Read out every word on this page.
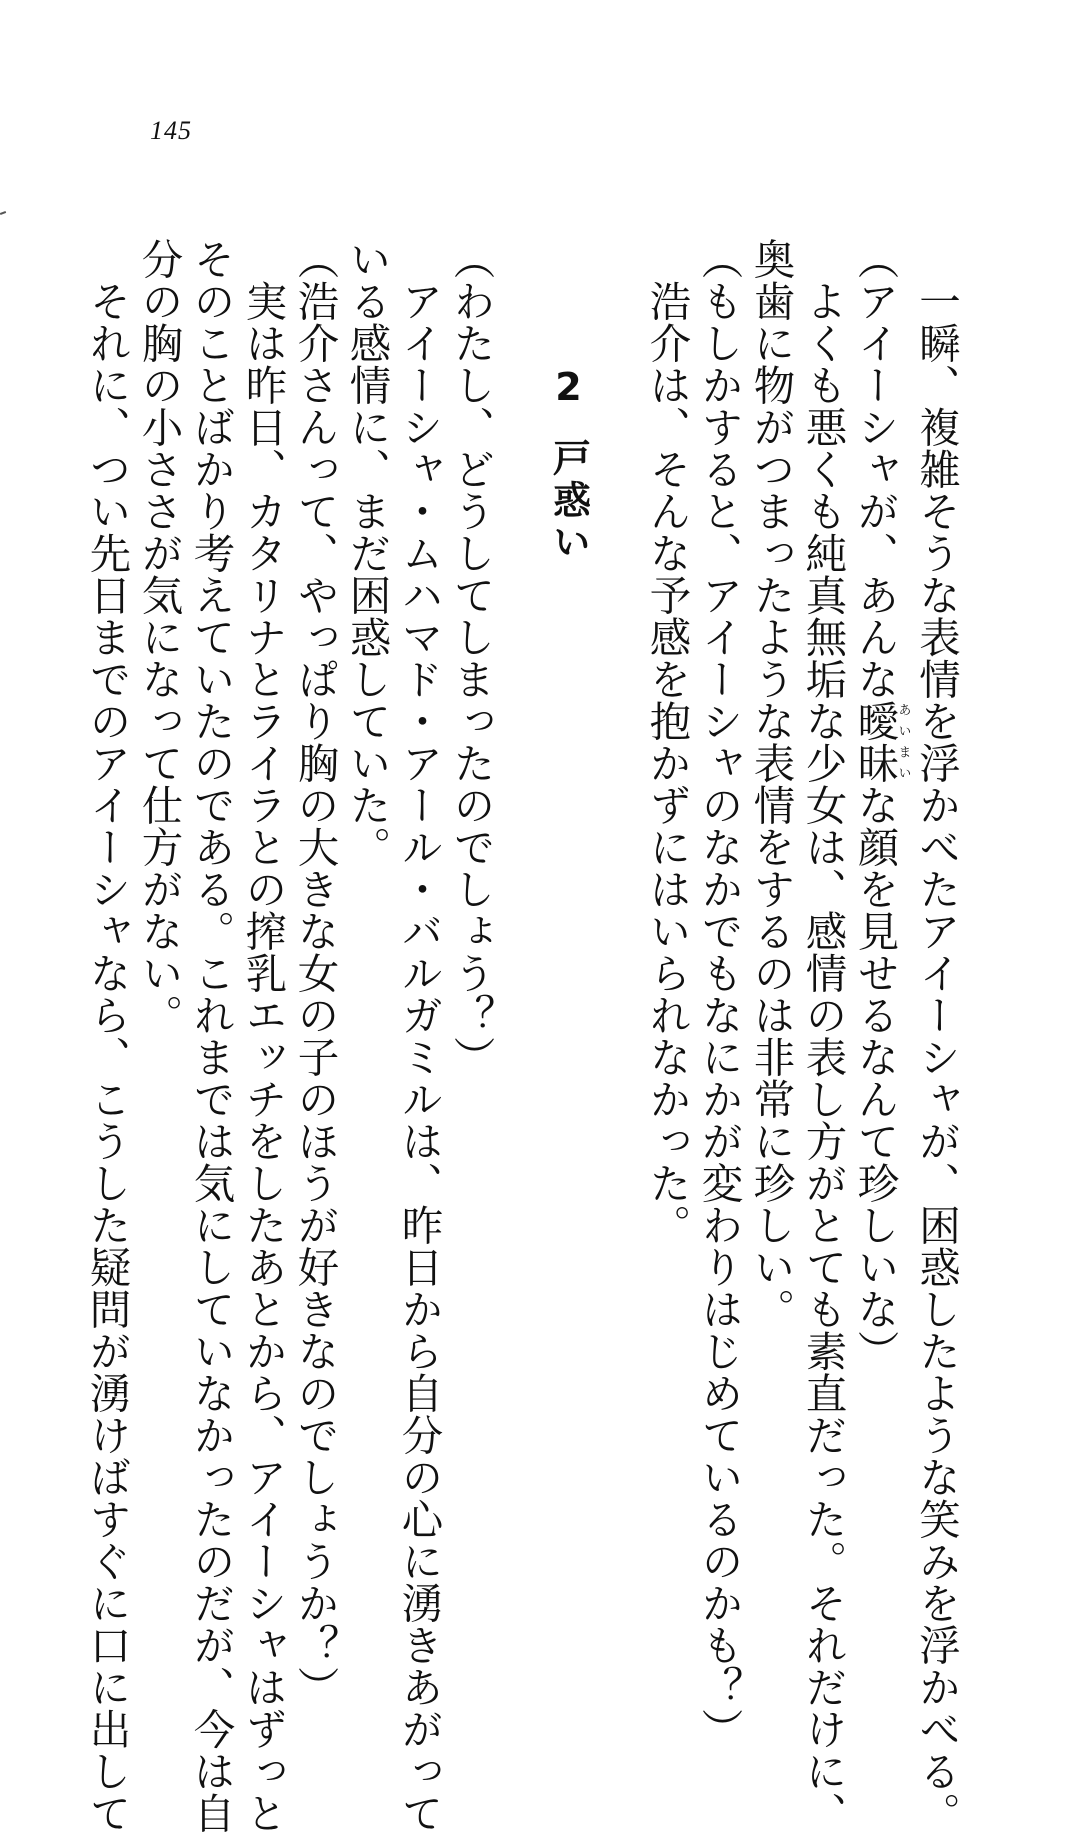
145
一瞬、複雑そうな表情を浮かべたアイーシャが、困惑したような笑みを浮かべる。
（アイーシャが、あんな曖昧あいまいな顔を見せるなんて珍しいな）
よくも悪くも純真無垢な少女は、感情の表し方がとても素直だった。それだけに、
奥歯に物がつまったような表情をするのは非常に珍しい。
（もしかすると、アイーシャのなかでもなにかが変わりはじめているのかも？）
浩介は、そんな予感を抱かずにはいられなかった。
2戸惑い
（わたし、どうしてしまったのでしょう？）
アイーシャ・ムハマド・アール・バルガミルは、昨日から自分の心に湧きあがって
いる感情に、まだ困惑していた。
（浩介さんって、やっぱり胸の大きな女の子のほうが好きなのでしょうか？）
実は昨日、カタリナとライラとの搾乳エッチをしたあとから、アイーシャはずっと
そのことばかり考えていたのである。これまでは気にしていなかったのだが、今は自
分の胸の小ささが気になって仕方がない。
それに、つい先日までのアイーシャなら、こうした疑問が湧けばすぐに口に出して
